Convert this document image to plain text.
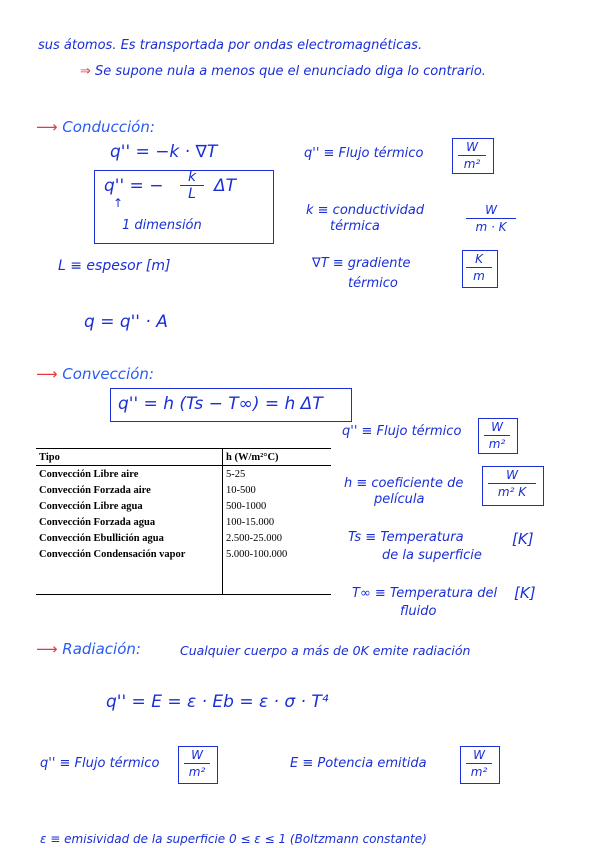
sus átomos. Es transportada por ondas electromagnéticas.
⇒ Se supone nula a menos que el enunciado diga lo contrario.
⟶ Conducción:
q'' = −k · ∇T
q'' = −	k
L	ΔT
↑
1 dimensión
q'' ≡ Flujo térmico	W
m²
k ≡ conductividad
térmica
W
m · K
L ≡ espesor [m]	∇T ≡ gradiente
térmico
K
m
q = q'' · A
⟶ Convección:
q'' = h (Ts − T∞) = h ΔT
q'' ≡ Flujo térmico	W
m²
h ≡ coeficiente de
película
W
m² K
Ts ≡ Temperatura
de la superficie
[K]
T∞ ≡ Temperatura del
fluido
[K]
Tipo	h (W/m²°C)
Convección Libre aire	5-25
Convección Forzada aire	10-500
Convección Libre agua	500-1000
Convección Forzada agua	100-15.000
Convección Ebullición agua	2.500-25.000
Convección Condensación vapor	5.000-100.000

⟶ Radiación:	Cualquier cuerpo a más de 0K emite radiación
q'' = E = ε · Eb = ε · σ · T⁴
q'' ≡ Flujo térmico
W
m²
E ≡ Potencia emitida
W
m²
ε ≡ emisividad de la superficie 0 ≤ ε ≤ 1 (Boltzmann constante)
